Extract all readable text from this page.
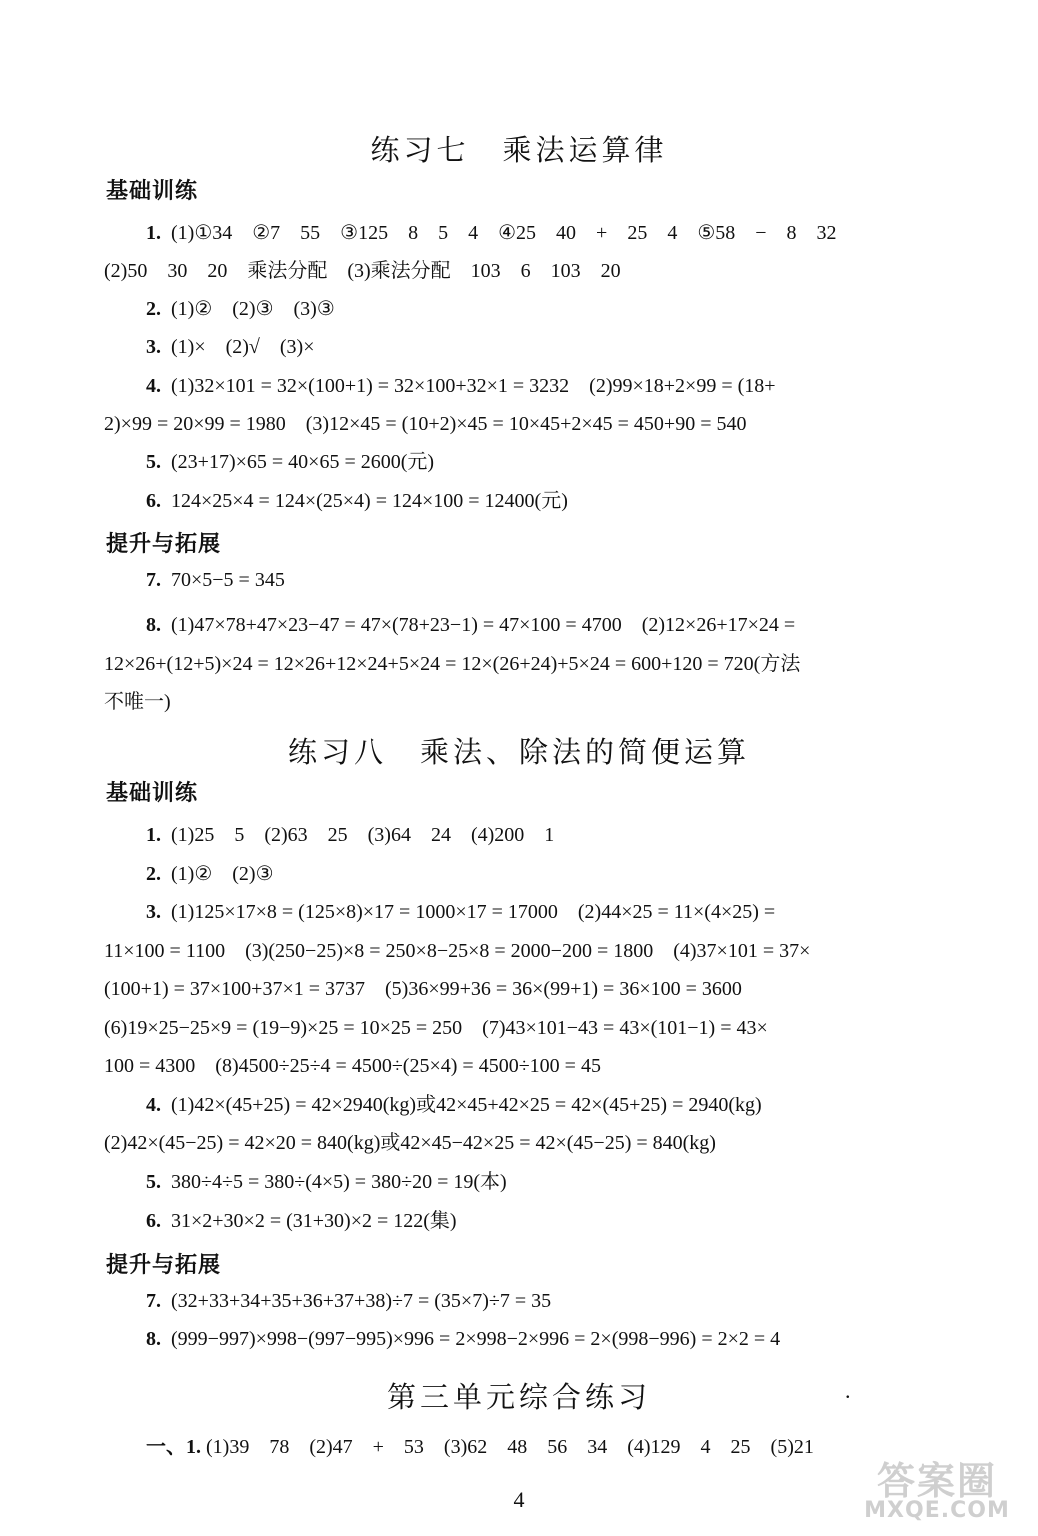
练习七　乘法运算律
基础训练
1. (1)①34　②7　55　③125　8　5　4　④25　40　+　25　4　⑤58　−　8　32
(2)50　30　20　乘法分配　(3)乘法分配　103　6　103　20
2. (1)②　(2)③　(3)③
3. (1)×　(2)√　(3)×
4. (1)32×101 = 32×(100+1) = 32×100+32×1 = 3232　(2)99×18+2×99 = (18+
2)×99 = 20×99 = 1980　(3)12×45 = (10+2)×45 = 10×45+2×45 = 450+90 = 540
5. (23+17)×65 = 40×65 = 2600(元)
6. 124×25×4 = 124×(25×4) = 124×100 = 12400(元)
提升与拓展
7. 70×5−5 = 345
8. (1)47×78+47×23−47 = 47×(78+23−1) = 47×100 = 4700　(2)12×26+17×24 =
12×26+(12+5)×24 = 12×26+12×24+5×24 = 12×(26+24)+5×24 = 600+120 = 720(方法
不唯一)
练习八　乘法、除法的简便运算
基础训练
1. (1)25　5　(2)63　25　(3)64　24　(4)200　1
2. (1)②　(2)③
3. (1)125×17×8 = (125×8)×17 = 1000×17 = 17000　(2)44×25 = 11×(4×25) =
11×100 = 1100　(3)(250−25)×8 = 250×8−25×8 = 2000−200 = 1800　(4)37×101 = 37×
(100+1) = 37×100+37×1 = 3737　(5)36×99+36 = 36×(99+1) = 36×100 = 3600
(6)19×25−25×9 = (19−9)×25 = 10×25 = 250　(7)43×101−43 = 43×(101−1) = 43×
100 = 4300　(8)4500÷25÷4 = 4500÷(25×4) = 4500÷100 = 45
4. (1)42×(45+25) = 42×2940(kg)或42×45+42×25 = 42×(45+25) = 2940(kg)
(2)42×(45−25) = 42×20 = 840(kg)或42×45−42×25 = 42×(45−25) = 840(kg)
5. 380÷4÷5 = 380÷(4×5) = 380÷20 = 19(本)
6. 31×2+30×2 = (31+30)×2 = 122(集)
提升与拓展
7. (32+33+34+35+36+37+38)÷7 = (35×7)÷7 = 35
8. (999−997)×998−(997−995)×996 = 2×998−2×996 = 2×(998−996) = 2×2 = 4
第三单元综合练习	.
一、1. (1)39　78　(2)47　+　53　(3)62　48　56　34　(4)129　4　25　(5)21
4	答案圈
MXQE.COM
